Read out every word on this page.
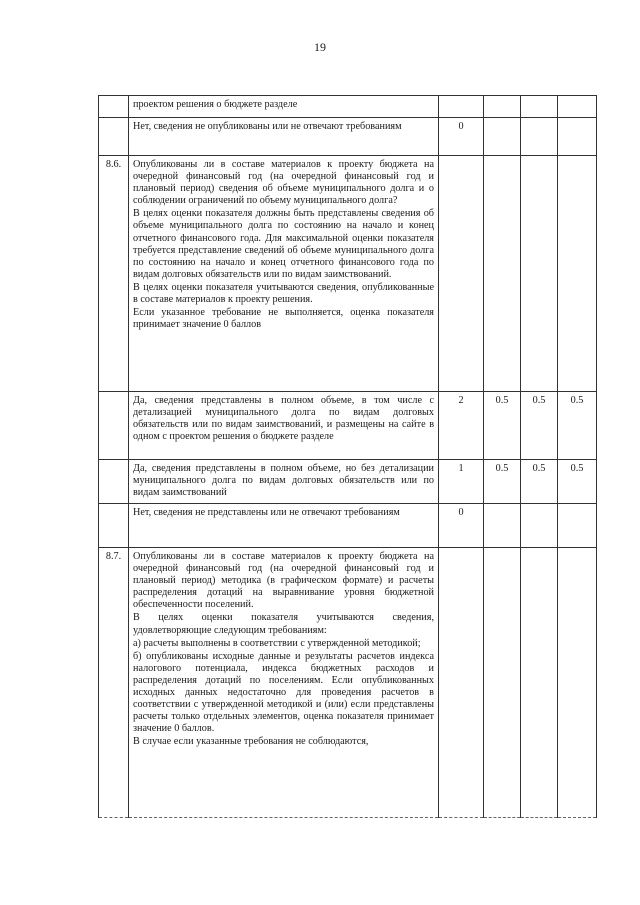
19

	проектом решения о бюджете разделе				

	Нет, сведения не опубликованы или не отвечают требованиям	0			
8.6.	Опубликованы ли в составе материалов к проекту бюджета на очередной финансовый год (на очередной финансовый год и плановый период) сведения об объеме муниципального долга и о соблюдении ограничений по объему муниципального долга?

В целях оценки показателя должны быть представлены сведения об объеме муниципального долга по состоянию на начало и конец отчетного финансового года. Для максимальной оценки показателя требуется представление сведений об объеме муниципального долга по состоянию на начало и конец отчетного финансового года по видам долговых обязательств или по видам заимствований.

В целях оценки показателя учитываются сведения, опубликованные в составе материалов к проекту решения.

Если указанное требование не выполняется, оценка показателя принимает значение 0 баллов				

	Да, сведения представлены в полном объеме, в том числе с детализацией муниципального долга по видам долговых обязательств или по видам заимствований, и размещены на сайте в одном с проектом решения о бюджете разделе	2	0.5	0.5	0.5

	Да, сведения представлены в полном объеме, но без детализации муниципального долга по видам долговых обязательств или по видам заимствований	1	0.5	0.5	0.5

	Нет, сведения не представлены или не отвечают требованиям	0			
8.7.	Опубликованы ли в составе материалов к проекту бюджета на очередной финансовый год (на очередной финансовый год и плановый период) методика (в графическом формате) и расчеты распределения дотаций на выравнивание уровня бюджетной обеспеченности поселений.

В целях оценки показателя учитываются сведения, удовлетворяющие следующим требованиям:

а) расчеты выполнены в соответствии с утвержденной методикой;

б) опубликованы исходные данные и результаты расчетов индекса налогового потенциала, индекса бюджетных расходов и распределения дотаций по поселениям. Если опубликованных исходных данных недостаточно для проведения расчетов в соответствии с утвержденной методикой и (или) если представлены расчеты только отдельных элементов, оценка показателя принимает значение 0 баллов.

В случае если указанные требования не соблюдаются,				
